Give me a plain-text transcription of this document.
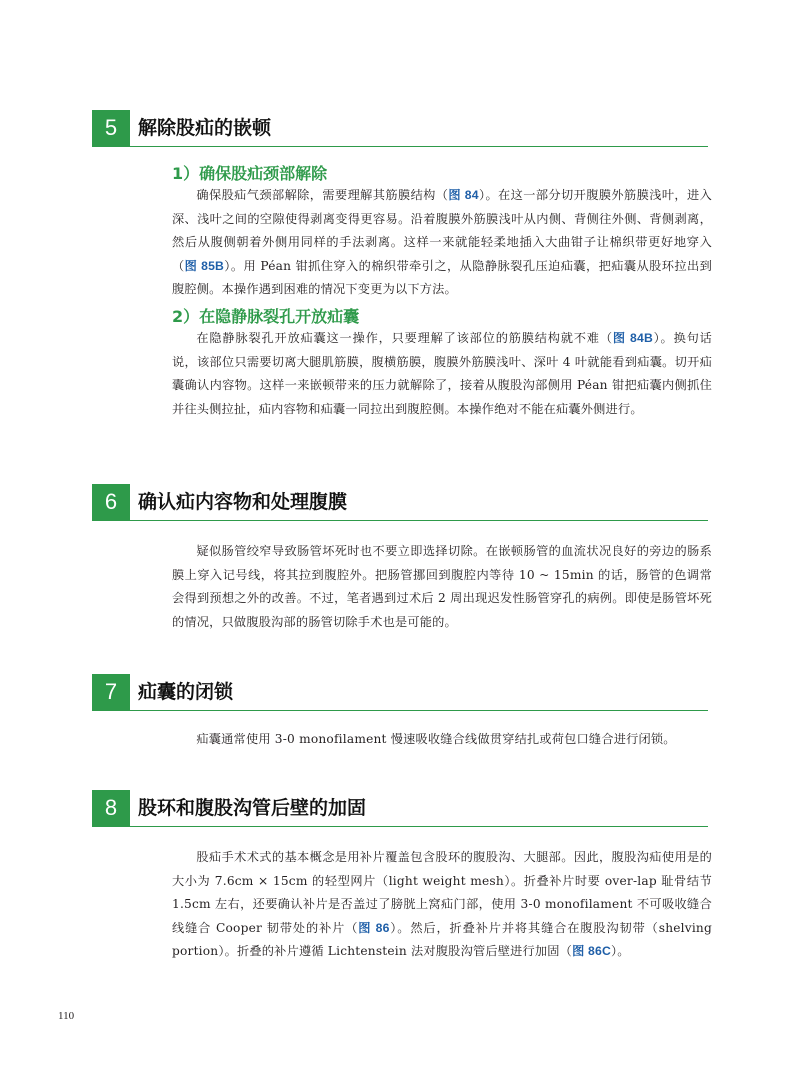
5	解除股疝的嵌顿
1）确保股疝颈部解除

确保股疝气颈部解除，需要理解其筋膜结构（图 84）。在这一部分切开腹膜外筋膜浅叶，进入深、浅叶之间的空隙使得剥离变得更容易。沿着腹膜外筋膜浅叶从内侧、背侧往外侧、背侧剥离，然后从腹侧朝着外侧用同样的手法剥离。这样一来就能轻柔地插入大曲钳子让棉织带更好地穿入（图 85B）。用 Péan 钳抓住穿入的棉织带牵引之，从隐静脉裂孔压迫疝囊，把疝囊从股环拉出到腹腔侧。本操作遇到困难的情况下变更为以下方法。

2）在隐静脉裂孔开放疝囊

在隐静脉裂孔开放疝囊这一操作，只要理解了该部位的筋膜结构就不难（图 84B）。换句话说，该部位只需要切离大腿肌筋膜，腹横筋膜，腹膜外筋膜浅叶、深叶 4 叶就能看到疝囊。切开疝囊确认内容物。这样一来嵌顿带来的压力就解除了，接着从腹股沟部侧用 Péan 钳把疝囊内侧抓住并往头侧拉扯，疝内容物和疝囊一同拉出到腹腔侧。本操作绝对不能在疝囊外侧进行。

6	确认疝内容物和处理腹膜

疑似肠管绞窄导致肠管坏死时也不要立即选择切除。在嵌顿肠管的血流状况良好的旁边的肠系膜上穿入记号线，将其拉到腹腔外。把肠管挪回到腹腔内等待 10 ~ 15min 的话，肠管的色调常会得到预想之外的改善。不过，笔者遇到过术后 2 周出现迟发性肠管穿孔的病例。即使是肠管坏死的情况，只做腹股沟部的肠管切除手术也是可能的。

7	疝囊的闭锁

疝囊通常使用 3-0 monofilament 慢速吸收缝合线做贯穿结扎或荷包口缝合进行闭锁。

8	股环和腹股沟管后壁的加固

股疝手术术式的基本概念是用补片覆盖包含股环的腹股沟、大腿部。因此，腹股沟疝使用是的大小为 7.6cm × 15cm 的轻型网片（light weight mesh）。折叠补片时要 over-lap 耻骨结节 1.5cm 左右，还要确认补片是否盖过了膀胱上窝疝门部，使用 3-0 monofilament 不可吸收缝合线缝合 Cooper 韧带处的补片（图 86）。然后，折叠补片并将其缝合在腹股沟韧带（shelving portion）。折叠的补片遵循 Lichtenstein 法对腹股沟管后壁进行加固（图 86C）。

110
